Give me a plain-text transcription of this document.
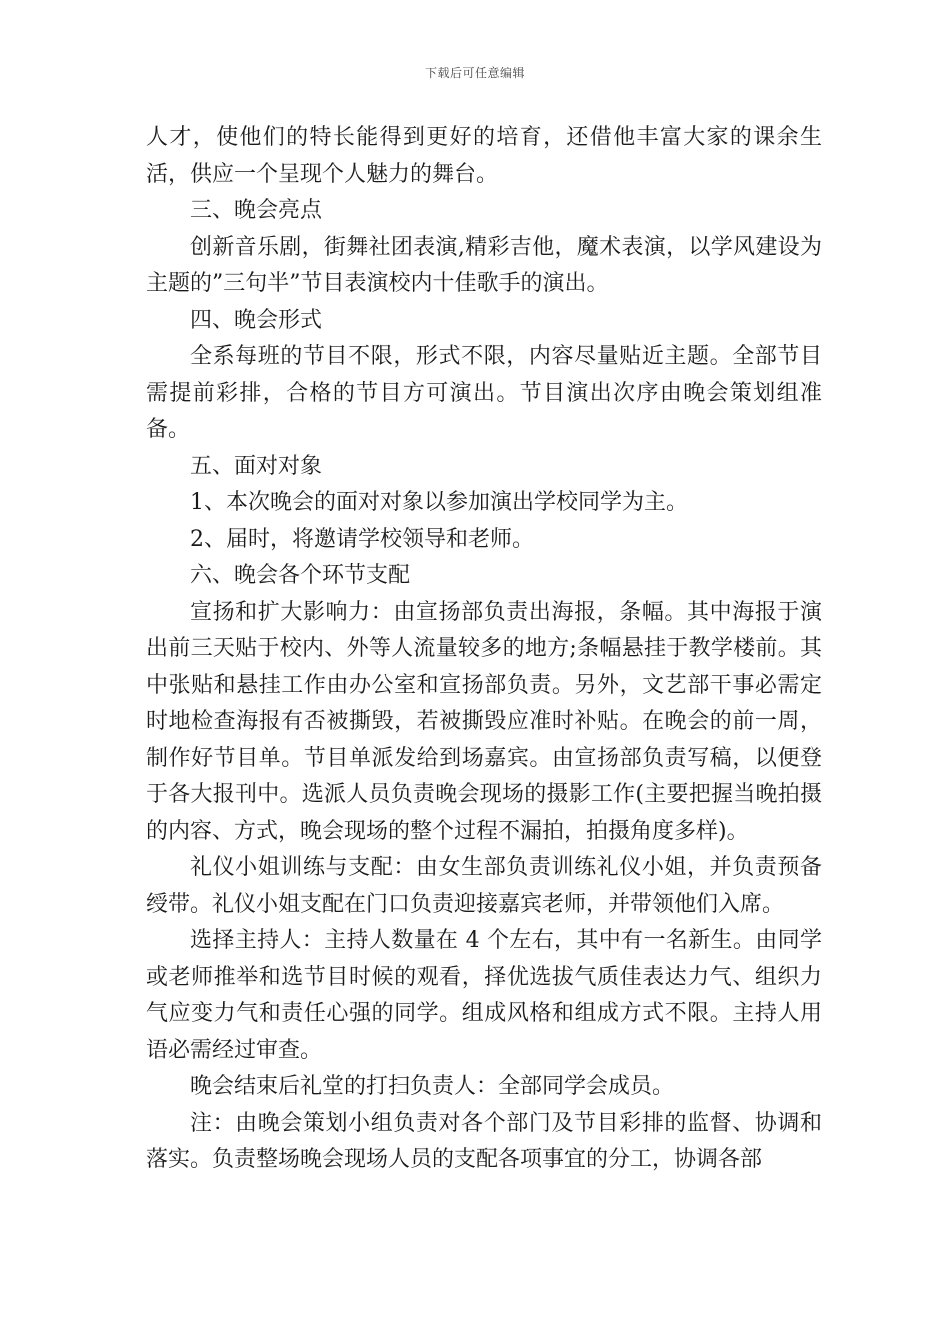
下载后可任意编辑

人才，使他们的特长能得到更好的培育，还借他丰富大家的课余生活，供应一个呈现个人魅力的舞台。

三、晚会亮点

创新音乐剧，街舞社团表演,精彩吉他，魔术表演，以学风建设为主题的”三句半”节目表演校内十佳歌手的演出。

四、晚会形式

全系每班的节目不限，形式不限，内容尽量贴近主题。全部节目需提前彩排，合格的节目方可演出。节目演出次序由晚会策划组准备。

五、面对对象

1、本次晚会的面对对象以参加演出学校同学为主。

2、届时，将邀请学校领导和老师。

六、晚会各个环节支配

宣扬和扩大影响力：由宣扬部负责出海报，条幅。其中海报于演出前三天贴于校内、外等人流量较多的地方;条幅悬挂于教学楼前。其中张贴和悬挂工作由办公室和宣扬部负责。另外，文艺部干事必需定时地检查海报有否被撕毁，若被撕毁应准时补贴。在晚会的前一周，制作好节目单。节目单派发给到场嘉宾。由宣扬部负责写稿，以便登于各大报刊中。选派人员负责晚会现场的摄影工作(主要把握当晚拍摄的内容、方式，晚会现场的整个过程不漏拍，拍摄角度多样)。

礼仪小姐训练与支配：由女生部负责训练礼仪小姐，并负责预备绶带。礼仪小姐支配在门口负责迎接嘉宾老师，并带领他们入席。

选择主持人：主持人数量在 4 个左右，其中有一名新生。由同学或老师推举和选节目时候的观看，择优选拔气质佳表达力气、组织力气应变力气和责任心强的同学。组成风格和组成方式不限。主持人用语必需经过审查。

晚会结束后礼堂的打扫负责人：全部同学会成员。

注：由晚会策划小组负责对各个部门及节目彩排的监督、协调和落实。负责整场晚会现场人员的支配各项事宜的分工，协调各部
